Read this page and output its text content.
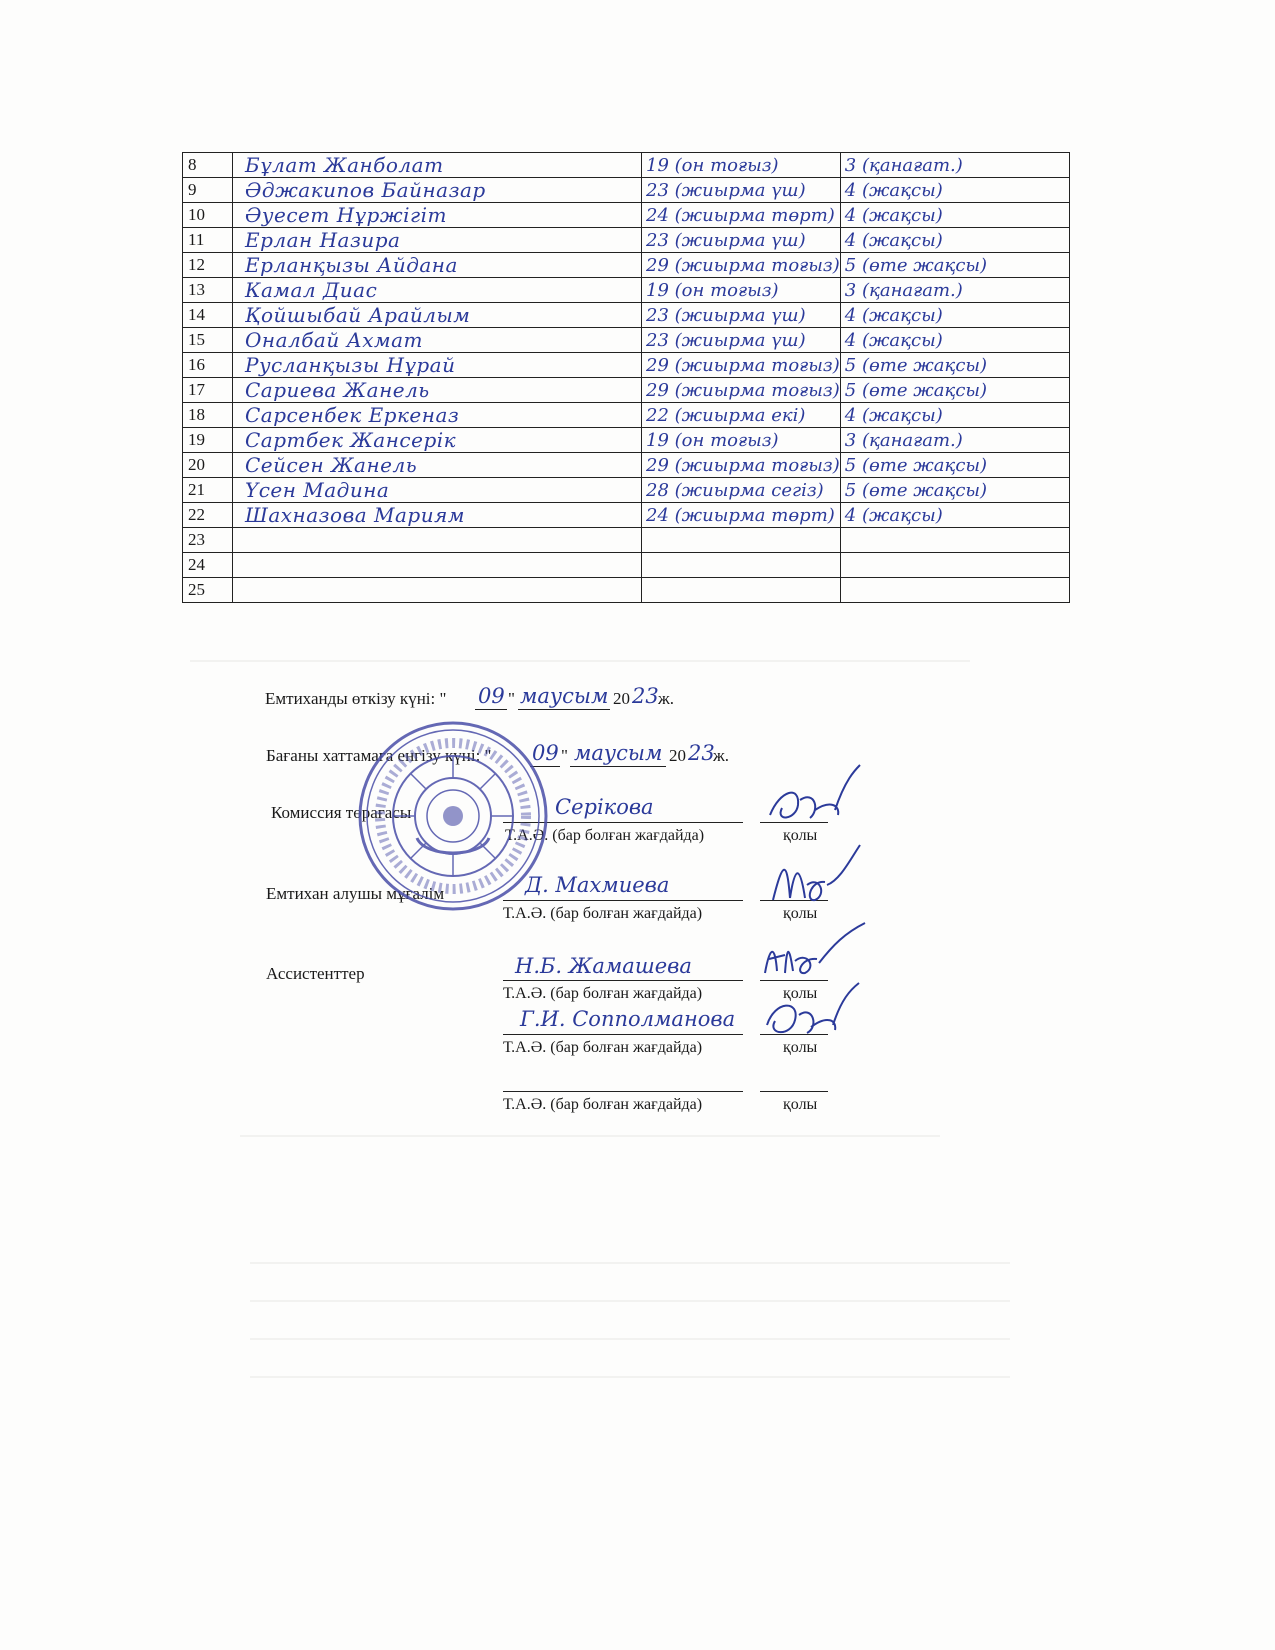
8	Бұлат Жанболат	19 (он тоғыз)	3 (қанағат.)
9	Әджакипов Байназар	23 (жиырма үш)	4 (жақсы)
10	Әуесет Нұржігіт	24 (жиырма төрт)	4 (жақсы)
11	Ерлан Назира	23 (жиырма үш)	4 (жақсы)
12	Ерланқызы Айдана	29 (жиырма тоғыз)	5 (өте жақсы)
13	Камал Диас	19 (он тоғыз)	3 (қанағат.)
14	Қойшыбай Арайлым	23 (жиырма үш)	4 (жақсы)
15	Оналбай Ахмат	23 (жиырма үш)	4 (жақсы)
16	Русланқызы Нұрай	29 (жиырма тоғыз)	5 (өте жақсы)
17	Сариева Жанель	29 (жиырма тоғыз)	5 (өте жақсы)
18	Сарсенбек Еркеназ	22 (жиырма екі)	4 (жақсы)
19	Сартбек Жансерік	19 (он тоғыз)	3 (қанағат.)
20	Сейсен Жанель	29 (жиырма тоғыз)	5 (өте жақсы)
21	Үсен Мадина	28 (жиырма сегіз)	5 (өте жақсы)
22	Шахназова Мариям	24 (жиырма төрт)	4 (жақсы)
23			
24			
25			
Емтиханды өткізу күні: " 09 " маусым 20 23 ж.
Бағаны хаттамаға енгізу күні: " 09 " маусым 20 23
ж.
Комиссия төрағасы	Серікова
Т.А.Ә. (бар болған жағдайда)	қолы
Емтихан алушы мұғалім	Д. Махмиева
Т.А.Ә. (бар болған жағдайда)	қолы
Ассистенттер	Н.Б. Жамашева
Т.А.Ә. (бар болған жағдайда)	қолы
Г.И. Сопполманова
Т.А.Ә. (бар болған жағдайда)	қолы
Т.А.Ә. (бар болған жағдайда)	қолы
